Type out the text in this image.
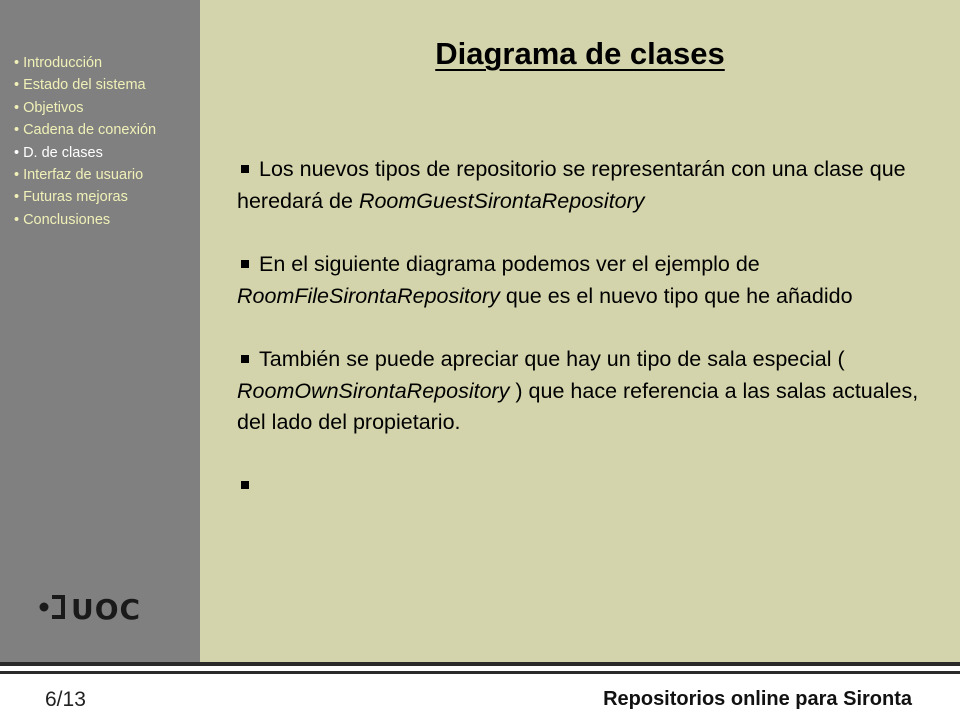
• Introducción
• Estado del sistema
• Objetivos
• Cadena de conexión
• D. de clases
• Interfaz de usuario
• Futuras mejoras
• Conclusiones
UOC
Diagrama de clases
Los nuevos tipos de repositorio se representarán con una clase que heredará de RoomGuestSirontaRepository
En el siguiente diagrama podemos ver el ejemplo de RoomFileSirontaRepository que es el nuevo tipo que he añadido
También se puede apreciar que hay un tipo de sala especial ( RoomOwnSirontaRepository ) que hace referencia a las salas actuales, del lado del propietario.
6/13	Repositorios online para Sironta
